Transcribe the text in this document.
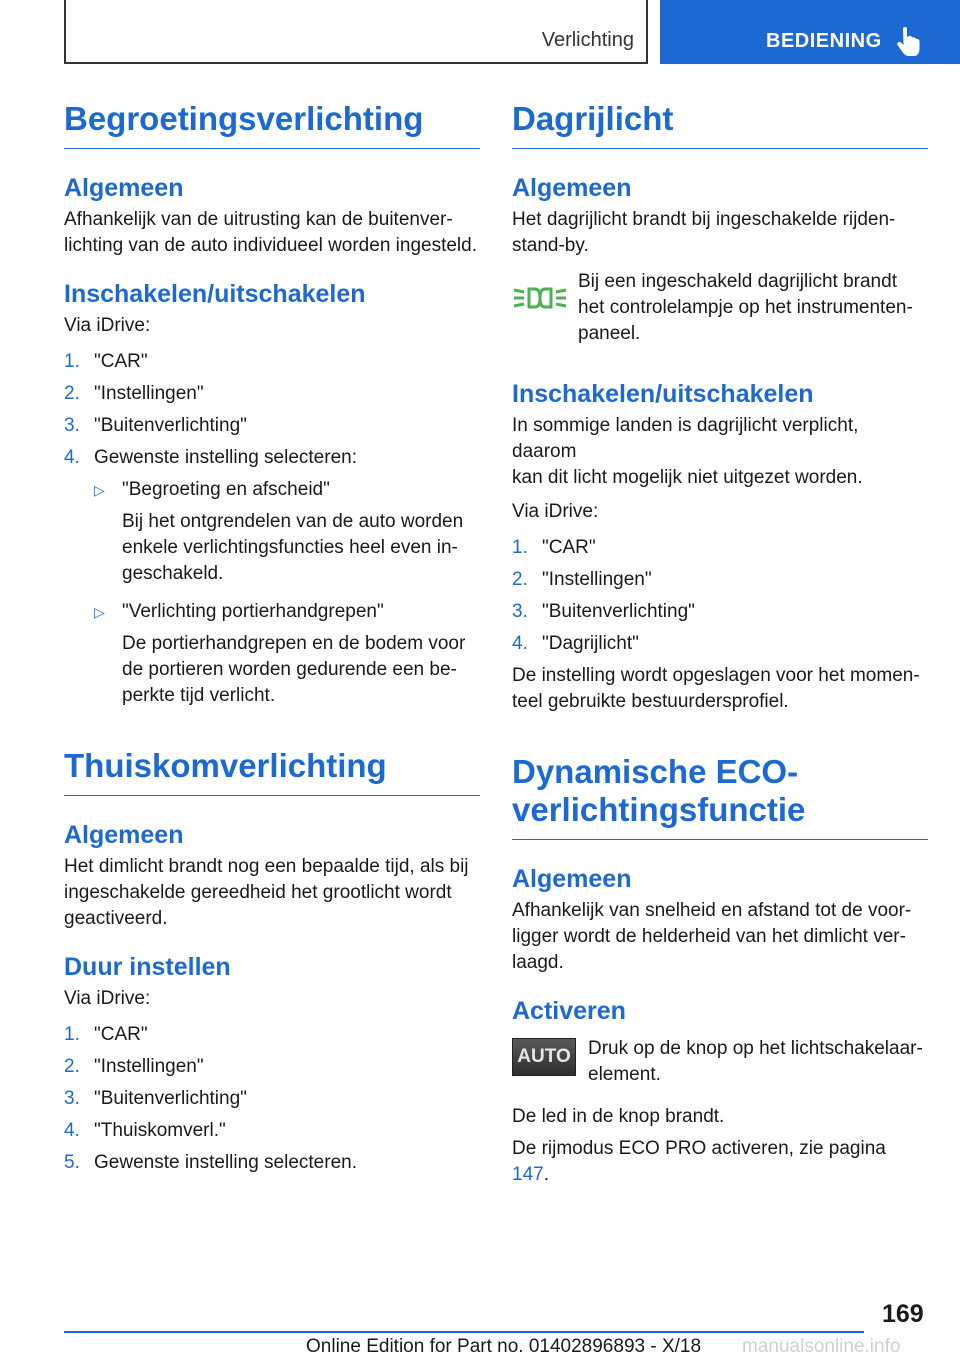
Verlichting	BEDIENING
Begroetingsverlichting
Algemeen

Afhankelijk van de uitrusting kan de buitenver‐

lichting van de auto individueel worden ingesteld.

Inschakelen/uitschakelen

Via iDrive:

1. "CAR"
2. "Instellingen"
3. "Buitenverlichting"
4. Gewenste instelling selecteren:
▷ "Begroeting en afscheid"
Bij het ontgrendelen van de auto worden
enkele verlichtingsfuncties heel even in‐
geschakeld.
▷ "Verlichting portierhandgrepen"
De portierhandgrepen en de bodem voor
de portieren worden gedurende een be‐
perkte tijd verlicht.
Thuiskomverlichting
Algemeen

Het dimlicht brandt nog een bepaalde tijd, als bij

ingeschakelde gereedheid het grootlicht wordt

geactiveerd.

Duur instellen

Via iDrive:

1. "CAR"
2. "Instellingen"
3. "Buitenverlichting"
4. "Thuiskomverl."
5. Gewenste instelling selecteren.
Dagrijlicht
Algemeen

Het dagrijlicht brandt bij ingeschakelde rijden‐

stand-by.

Bij een ingeschakeld dagrijlicht brandt

het controlelampje op het instrumenten‐

paneel.

Inschakelen/uitschakelen

In sommige landen is dagrijlicht verplicht, daarom

kan dit licht mogelijk niet uitgezet worden.

Via iDrive:

1. "CAR"
2. "Instellingen"
3. "Buitenverlichting"
4. "Dagrijlicht"

De instelling wordt opgeslagen voor het momen‐

teel gebruikte bestuurdersprofiel.

Dynamische ECO-
verlichtingsfunctie
Algemeen

Afhankelijk van snelheid en afstand tot de voor‐

ligger wordt de helderheid van het dimlicht ver‐

laagd.

Activeren
AUTO Druk op de knop op het lichtschakelaar‐

element.

De led in de knop brandt.

De rijmodus ECO PRO activeren, zie pagina 147.

169
Online Edition for Part no. 01402896893 - X/18 manualsonline.info
